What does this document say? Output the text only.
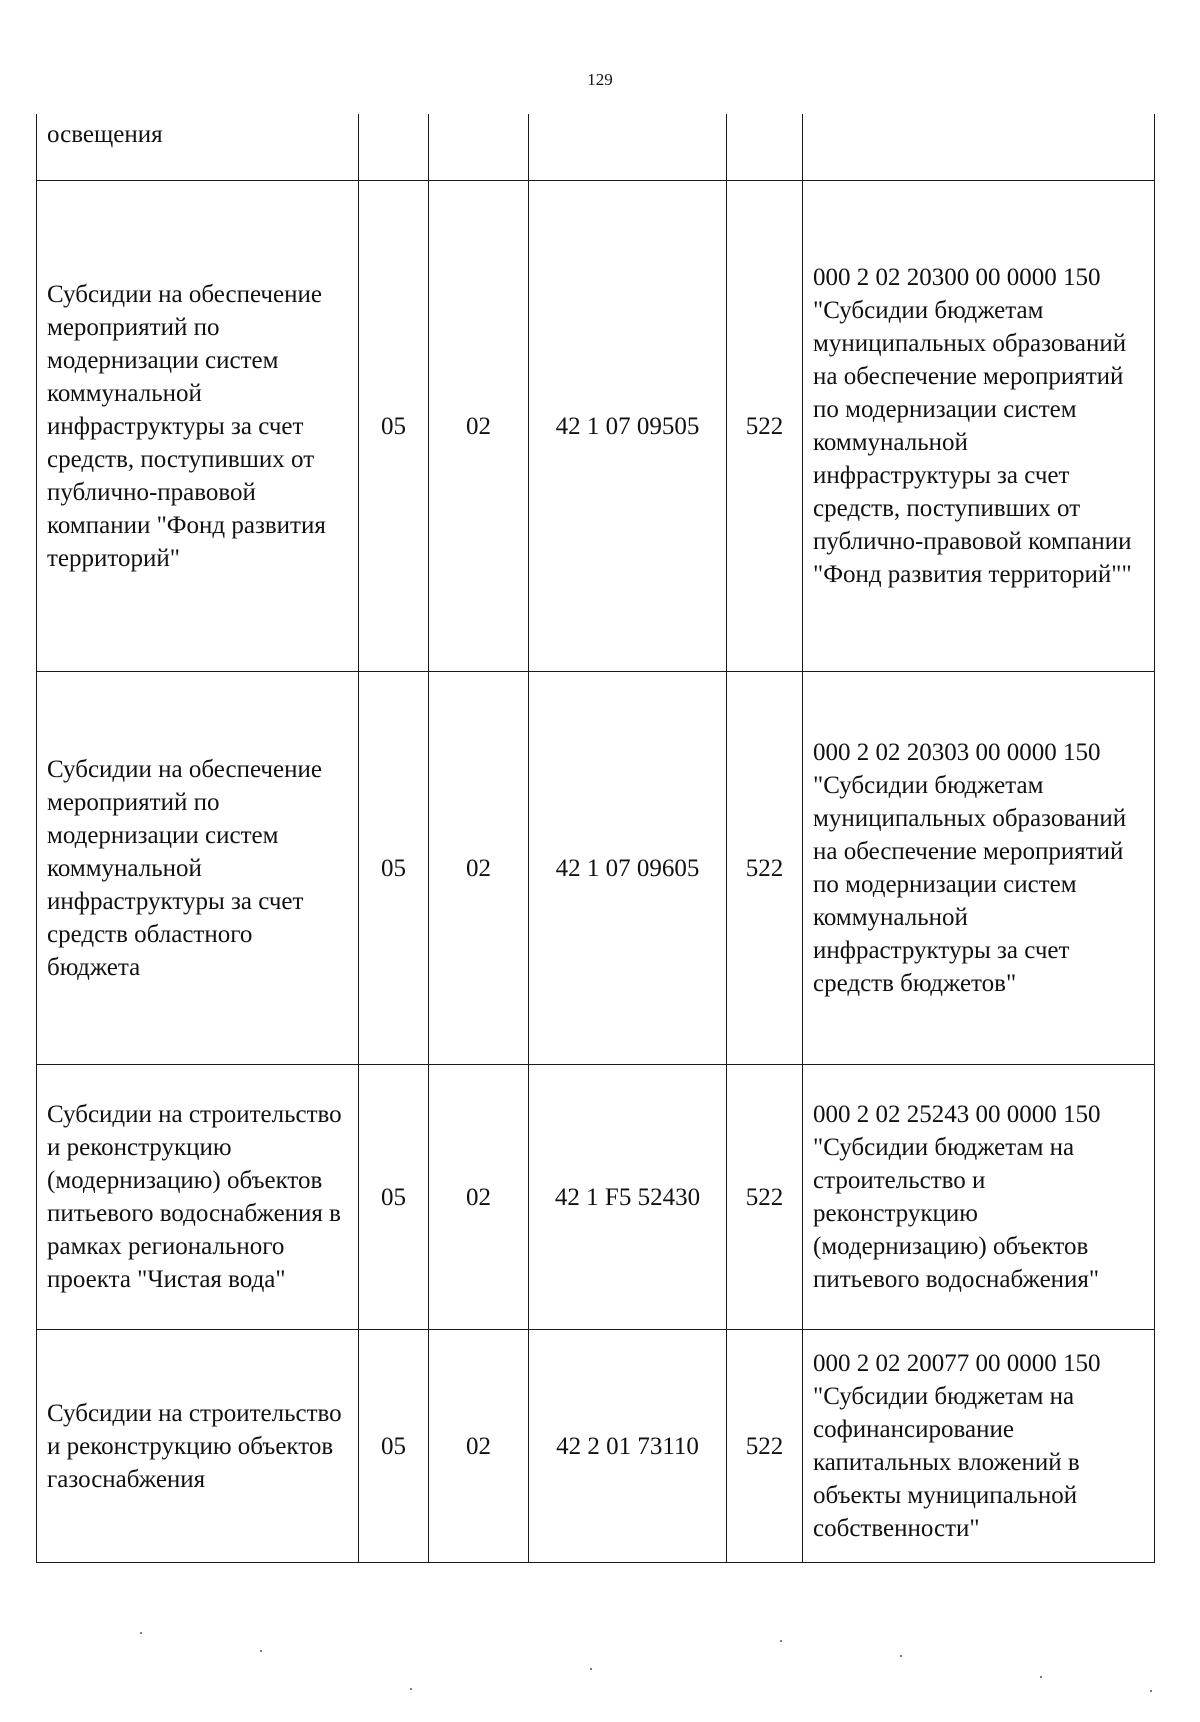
129
освещения					
Субсидии на обеспечение мероприятий по модернизации систем коммунальной инфраструктуры за счет средств, поступивших от публично-правовой компании "Фонд развития территорий"	05	02	42 1 07 09505	522	000 2 02 20300 00 0000 150 "Субсидии бюджетам муниципальных образований на обеспечение мероприятий по модернизации систем коммунальной инфраструктуры за счет средств, поступивших от публично-правовой компании "Фонд развития территорий""
Субсидии на обеспечение мероприятий по модернизации систем коммунальной инфраструктуры за счет средств областного бюджета	05	02	42 1 07 09605	522	000 2 02 20303 00 0000 150 "Субсидии бюджетам муниципальных образований на обеспечение мероприятий по модернизации систем коммунальной инфраструктуры за счет средств бюджетов"
Субсидии на строительство и реконструкцию (модернизацию) объектов питьевого водоснабжения в рамках регионального проекта "Чистая вода"	05	02	42 1 F5 52430	522	000 2 02 25243 00 0000 150 "Субсидии бюджетам на строительство и реконструкцию (модернизацию) объектов питьевого водоснабжения"
Субсидии на строительство и реконструкцию объектов газоснабжения	05	02	42 2 01 73110	522	000 2 02 20077 00 0000 150 "Субсидии бюджетам на софинансирование капитальных вложений в объекты муниципальной собственности"
